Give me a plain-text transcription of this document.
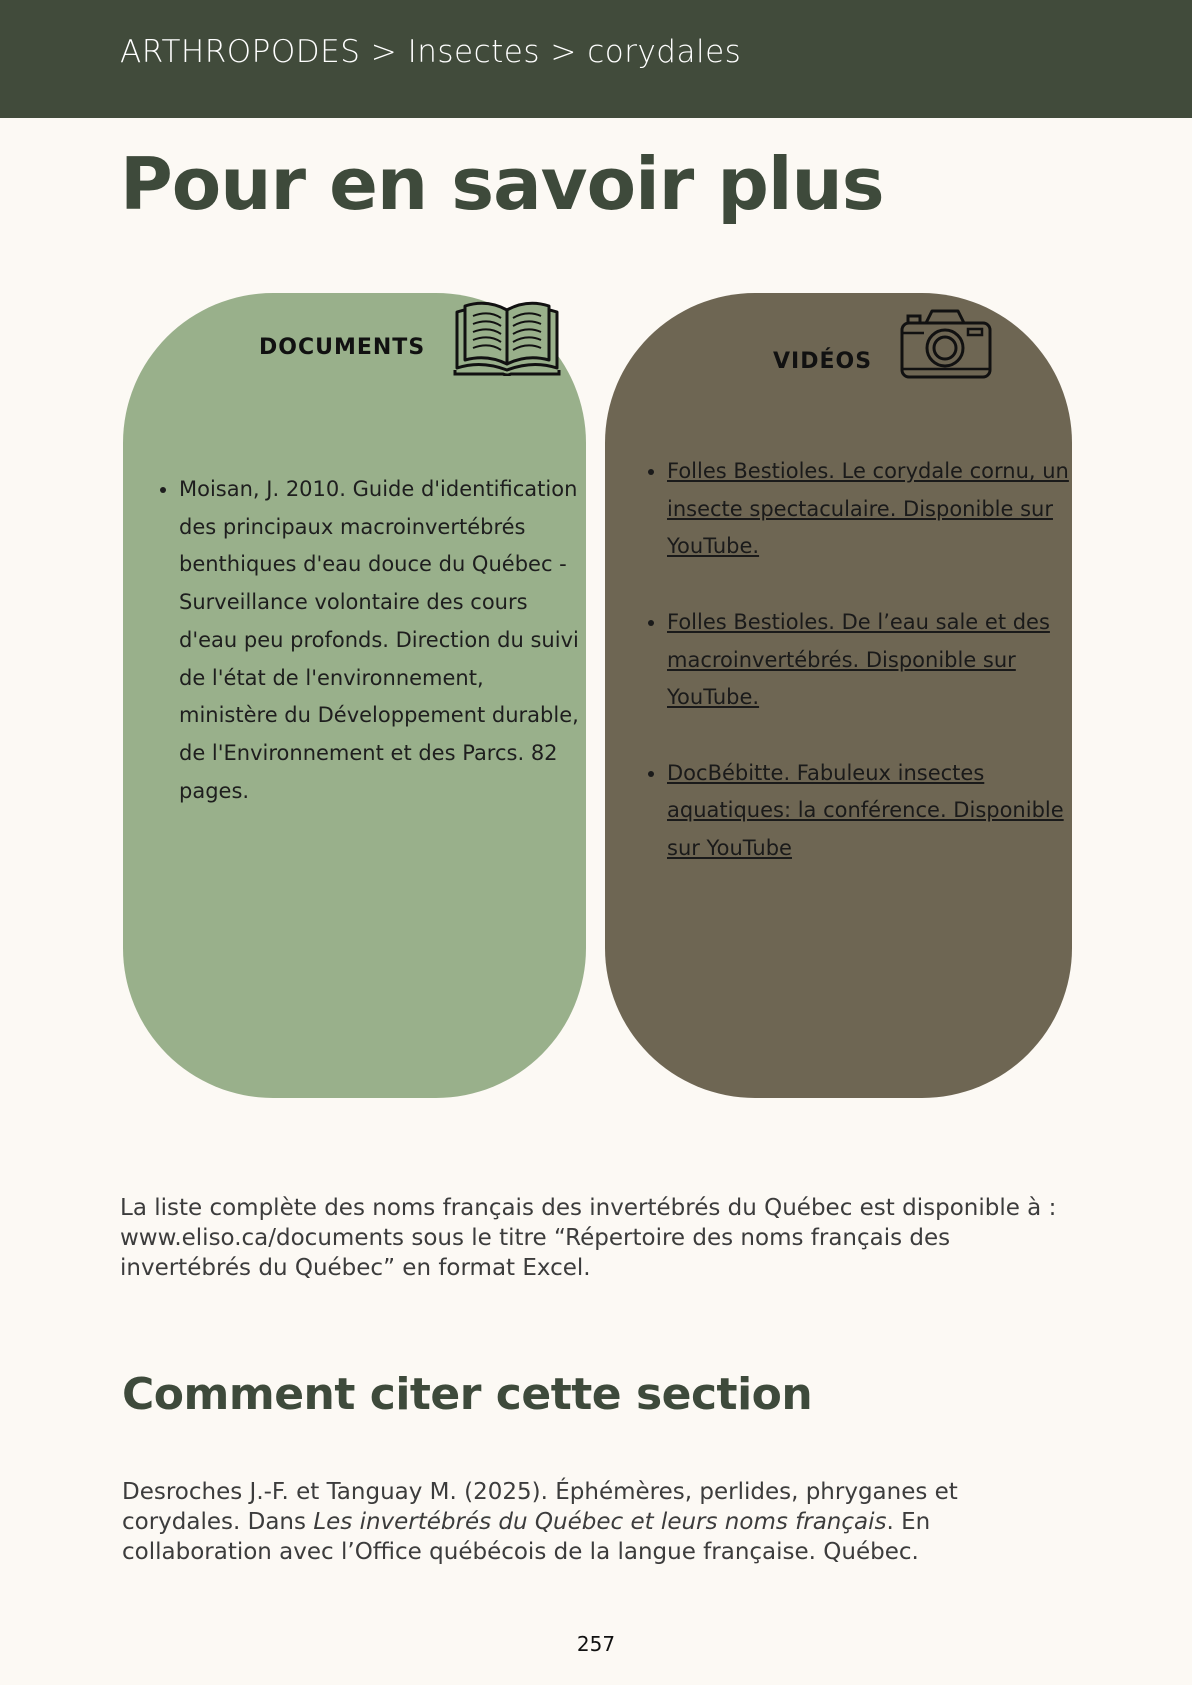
ARTHROPODES > Insectes > corydales
Pour en savoir plus
DOCUMENTS
• Moisan, J. 2010. Guide d'identification des principaux macroinvertébrés benthiques d'eau douce du Québec - Surveillance volontaire des cours d'eau peu profonds. Direction du suivi de l'état de l'environnement, ministère du Développement durable, de l'Environnement et des Parcs. 82 pages.
VIDÉOS
• Folles Bestioles. Le corydale cornu, un insecte spectaculaire. Disponible sur YouTube.
• Folles Bestioles. De l’eau sale et des macroinvertébrés. Disponible sur YouTube.
• DocBébitte. Fabuleux insectes aquatiques: la conférence. Disponible sur YouTube

La liste complète des noms français des invertébrés du Québec est disponible à : www.eliso.ca/documents sous le titre “Répertoire des noms français des invertébrés du Québec” en format Excel.

Comment citer cette section

Desroches J.-F. et Tanguay M. (2025). Éphémères, perlides, phryganes et corydales. Dans Les invertébrés du Québec et leurs noms français. En collaboration avec l’Office québécois de la langue française. Québec.

257
